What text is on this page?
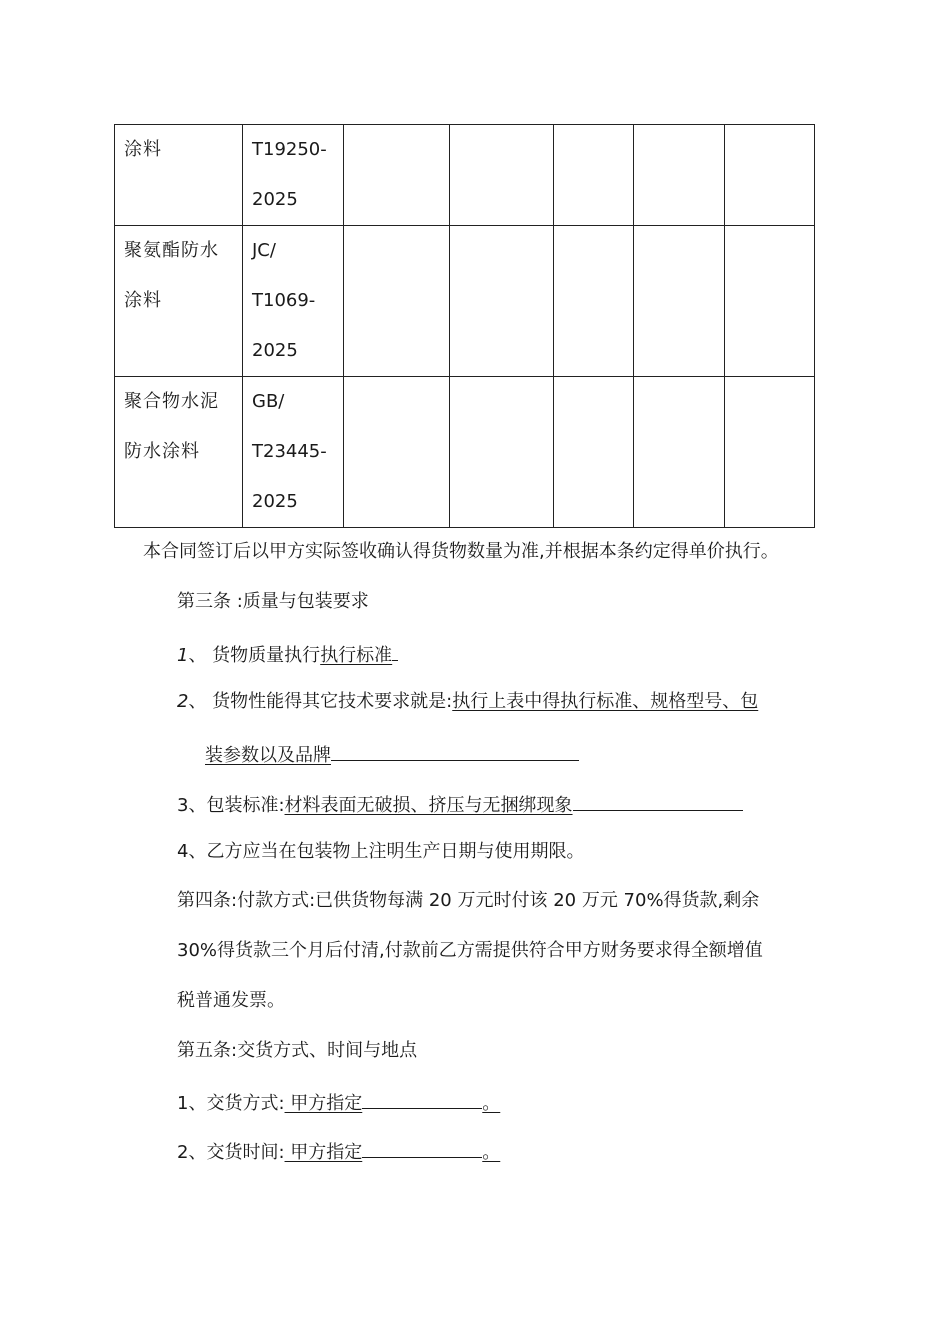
涂料	T19250-
2025					

聚氨酯防水
涂料	JC/
T1069-
2025					

聚合物水泥
防水涂料	GB/
T23445-
2025					

本合同签订后以甲方实际签收确认得货物数量为准,并根据本条约定得单价执行。
第三条 :质量与包装要求
1、 货物质量执行执行标准
2、 货物性能得其它技术要求就是:执行上表中得执行标准、规格型号、包
装参数以及品牌
3、包装标准:材料表面无破损、挤压与无捆绑现象
4、乙方应当在包装物上注明生产日期与使用期限。
第四条:付款方式:已供货物每满 20 万元时付该 20 万元 70%得货款,剩余
30%得货款三个月后付清,付款前乙方需提供符合甲方财务要求得全额增值
税普通发票。
第五条:交货方式、时间与地点
1、交货方式: 甲方指定	。
2、交货时间: 甲方指定	。
